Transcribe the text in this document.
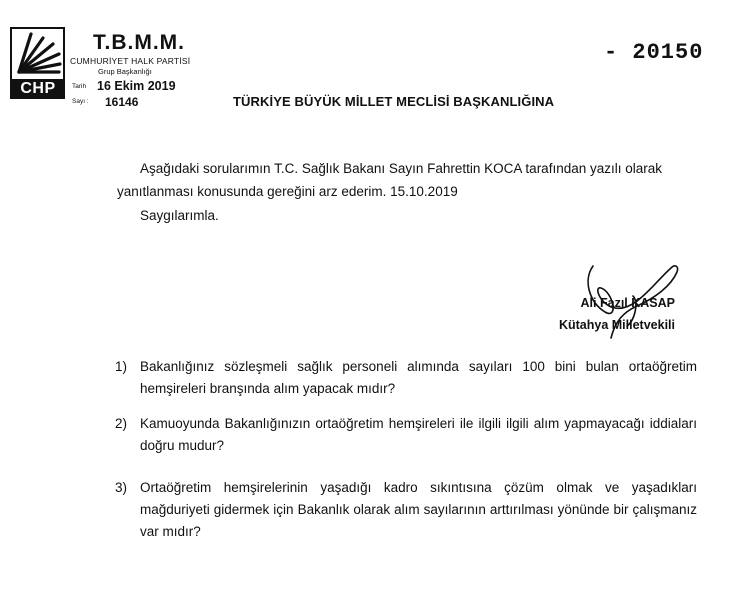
CHP
T.B.M.M.
CUMHURİYET HALK PARTİSİ
Grup Başkanlığı
Tarih 16 Ekim 2019
Sayı : 16146
- 20150
TÜRKİYE BÜYÜK MİLLET MECLİSİ BAŞKANLIĞINA
Aşağıdaki sorularımın T.C. Sağlık Bakanı Sayın Fahrettin KOCA tarafından yazılı olarak
yanıtlanması konusunda gereğini arz ederim. 15.10.2019
Saygılarımla.
Ali Fazıl KASAP
Kütahya Milletvekili
1) Bakanlığınız sözleşmeli sağlık personeli alımında sayıları 100 bini bulan ortaöğretim hemşireleri branşında alım yapacak mıdır?
2) Kamuoyunda Bakanlığınızın ortaöğretim hemşireleri ile ilgili ilgili alım yapmayacağı iddiaları doğru mudur?
3) Ortaöğretim hemşirelerinin yaşadığı kadro sıkıntısına çözüm olmak ve yaşadıkları mağduriyeti gidermek için Bakanlık olarak alım sayılarının arttırılması yönünde bir çalışmanız var mıdır?
